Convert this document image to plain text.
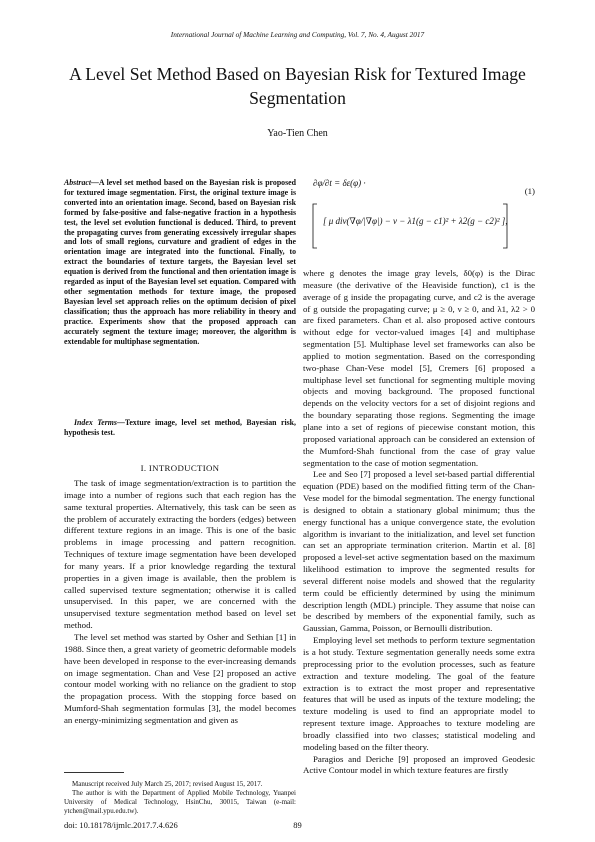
International Journal of Machine Learning and Computing, Vol. 7, No. 4, August 2017
A Level Set Method Based on Bayesian Risk for Textured Image Segmentation
Yao-Tien Chen

Abstract—A level set method based on the Bayesian risk is proposed for textured image segmentation. First, the original texture image is converted into an orientation image. Second, based on Bayesian risk formed by false-positive and false-negative fraction in a hypothesis test, the level set evolution functional is deduced. Third, to prevent the propagating curves from generating excessively irregular shapes and lots of small regions, curvature and gradient of edges in the orientation image are integrated into the functional. Finally, to extract the boundaries of texture targets, the Bayesian level set equation is derived from the functional and then orientation image is regarded as input of the Bayesian level set equation. Compared with other segmentation methods for texture image, the proposed Bayesian level set approach relies on the optimum decision of pixel classification; thus the approach has more reliability in theory and practice. Experiments show that the proposed approach can accurately segment the texture image; moreover, the algorithm is extendable for multiphase segmentation.

Index Terms—Texture image, level set method, Bayesian risk, hypothesis test.

I. INTRODUCTION

The task of image segmentation/extraction is to partition the image into a number of regions such that each region has the same textural properties. Alternatively, this task can be seen as the problem of accurately extracting the borders (edges) between different texture regions in an image. This is one of the basic problems in image processing and pattern recognition. Techniques of texture image segmentation have been developed for many years. If a prior knowledge regarding the textural properties in a given image is available, then the problem is called supervised texture segmentation; otherwise it is called unsupervised. In this paper, we are concerned with the unsupervised texture segmentation method based on level set method.

The level set method was started by Osher and Sethian [1] in 1988. Since then, a great variety of geometric deformable models have been developed in response to the ever-increasing demands on image segmentation. Chan and Vese [2] proposed an active contour model working with no reliance on the gradient to stop the propagation process. With the stopping force based on Mumford-Shah segmentation formulas [3], the model becomes an energy-minimizing segmentation and given as

Manuscript received July March 25, 2017; revised August 15, 2017.

The author is with the Department of Applied Mobile Technology, Yuanpei University of Medical Technology, HsinChu, 30015, Taiwan (e-mail: ytchen@mail.ypu.edu.tw).

doi: 10.18178/ijmlc.2017.7.4.626	89
∂φ/∂t = δε(φ) ·
[ μ div(∇φ/|∇φ|) − ν − λ1(g − c1)² + λ2(g − c2)² ],
(1)

where g denotes the image gray levels, δ0(φ) is the Dirac measure (the derivative of the Heaviside function), c1 is the average of g inside the propagating curve, and c2 is the average of g outside the propagating curve; μ ≥ 0, ν ≥ 0, and λ1, λ2 > 0 are fixed parameters. Chan et al. also proposed active contours without edge for vector-valued images [4] and multiphase segmentation [5]. Multiphase level set frameworks can also be applied to motion segmentation. Based on the corresponding two-phase Chan-Vese model [5], Cremers [6] proposed a multiphase level set functional for segmenting multiple moving objects and moving background. The proposed functional depends on the velocity vectors for a set of disjoint regions and the boundary separating those regions. Segmenting the image plane into a set of regions of piecewise constant motion, this proposed variational approach can be considered an extension of the Mumford-Shah functional from the case of gray value segmentation to the case of motion segmentation.

Lee and Seo [7] proposed a level set-based partial differential equation (PDE) based on the modified fitting term of the Chan-Vese model for the bimodal segmentation. The energy functional is designed to obtain a stationary global minimum; thus the energy functional has a unique convergence state, the evolution algorithm is invariant to the initialization, and level set function can set an appropriate termination criterion. Martin et al. [8] proposed a level-set active segmentation based on the maximum likelihood estimation to improve the segmented results for several different noise models and showed that the regularity term could be efficiently determined by using the minimum description length (MDL) principle. They assume that noise can be described by members of the exponential family, such as Gaussian, Gamma, Poisson, or Bernoulli distribution.

Employing level set methods to perform texture segmentation is a hot study. Texture segmentation generally needs some extra preprocessing prior to the evolution processes, such as feature extraction and texture modeling. The goal of the feature extraction is to extract the most proper and representative features that will be used as inputs of the texture modeling; the texture modeling is used to find an appropriate model to represent texture image. Approaches to texture modeling are broadly classified into two classes; statistical modeling and modeling based on the filter theory.

Paragios and Deriche [9] proposed an improved Geodesic Active Contour model in which texture features are firstly
